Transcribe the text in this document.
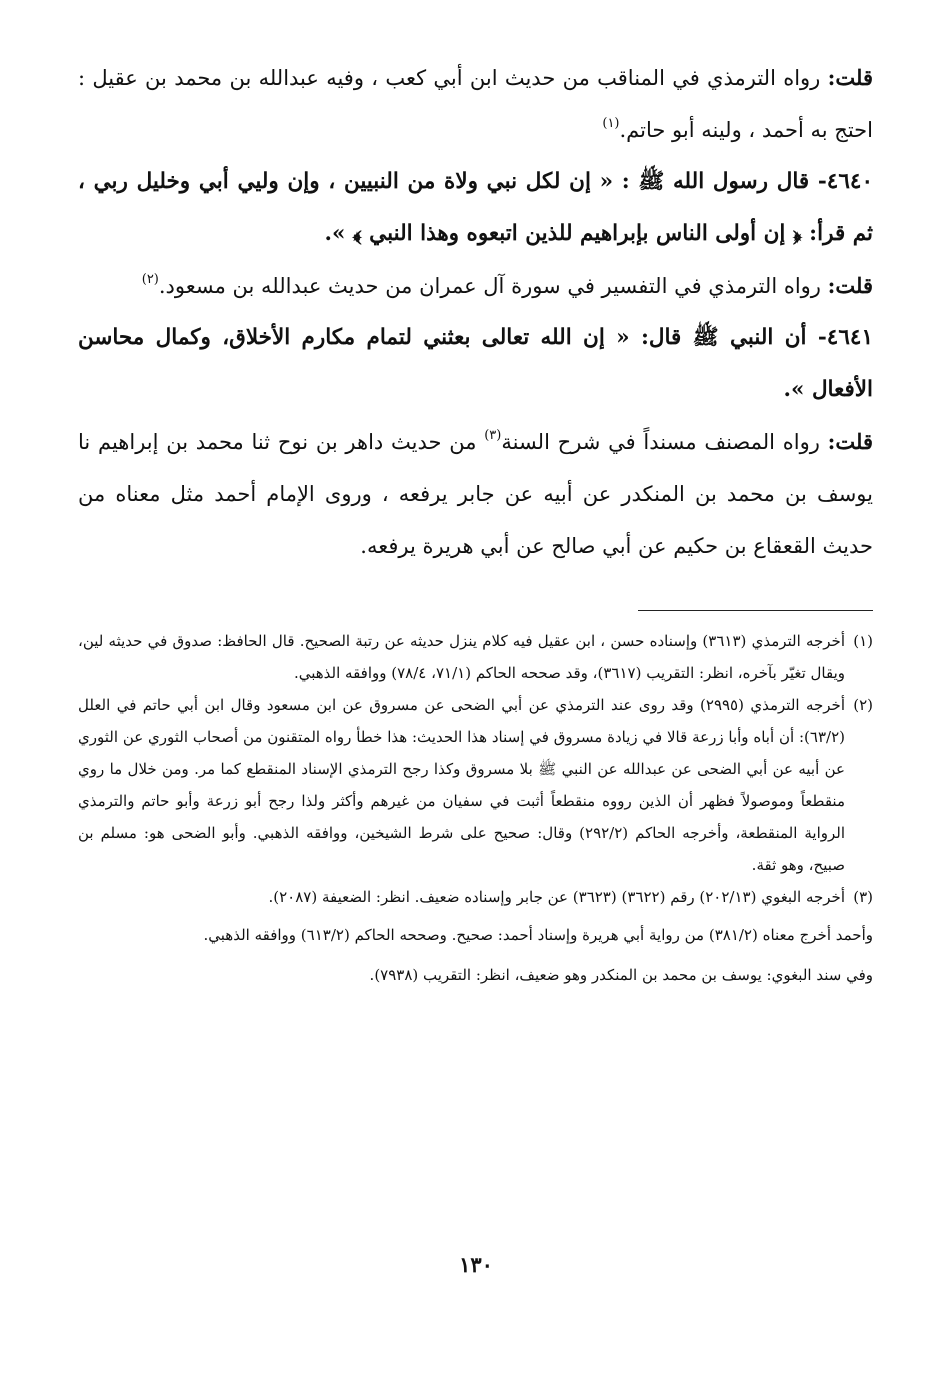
قلت: رواه الترمذي في المناقب من حديث ابن أبي كعب ، وفيه عبدالله بن محمد بن عقيل : احتج به أحمد ، ولينه أبو حاتم.$^{(١)}$

٤٦٤٠- قال رسول الله ﷺ : « إن لكل نبي ولاة من النبيين ، وإن وليي أبي وخليل ربي ، ثم قرأ: ﴿ إن أولى الناس بإبراهيم للذين اتبعوه وهذا النبي ﴾ ».

قلت: رواه الترمذي في التفسير في سورة آل عمران من حديث عبدالله بن مسعود.$^{(٢)}$

٤٦٤١- أن النبي ﷺ قال: « إن الله تعالى بعثني لتمام مكارم الأخلاق، وكمال محاسن الأفعال ».

قلت: رواه المصنف مسنداً في شرح السنة$^{(٣)}$ من حديث داهر بن نوح ثنا محمد بن إبراهيم نا يوسف بن محمد بن المنكدر عن أبيه عن جابر يرفعه ، وروى الإمام أحمد مثل معناه من حديث القعقاع بن حكيم عن أبي صالح عن أبي هريرة يرفعه.

(١)
أخرجه الترمذي (٣٦١٣) وإسناده حسن ، ابن عقيل فيه كلام ينزل حديثه عن رتبة الصحيح. قال الحافظ: صدوق في حديثه لين، ويقال تغيّر بآخره، انظر: التقريب (٣٦١٧)، وقد صححه الحاكم (٧١/١، ٧٨/٤) ووافقه الذهبي.
(٢)
أخرجه الترمذي (٢٩٩٥) وقد روى عند الترمذي عن أبي الضحى عن مسروق عن ابن مسعود وقال ابن أبي حاتم في العلل (٦٣/٢): أن أباه وأبا زرعة قالا في زيادة مسروق في إسناد هذا الحديث: هذا خطأ رواه المتقنون من أصحاب الثوري عن الثوري عن أبيه عن أبي الضحى عن عبدالله عن النبي ﷺ بلا مسروق وكذا رجح الترمذي الإسناد المنقطع كما مر. ومن خلال ما روي منقطعاً وموصولاً فظهر أن الذين رووه منقطعاً أثبت في سفيان من غيرهم وأكثر ولذا رجح أبو زرعة وأبو حاتم والترمذي الرواية المنقطعة، وأخرجه الحاكم (٢٩٢/٢) وقال: صحيح على شرط الشيخين، ووافقه الذهبي. وأبو الضحى هو: مسلم بن صبيح، وهو ثقة.
(٣)
أخرجه البغوي (٢٠٢/١٣) رقم (٣٦٢٢) (٣٦٢٣) عن جابر وإسناده ضعيف. انظر: الضعيفة (٢٠٨٧).

وأحمد أخرج معناه (٣٨١/٢) من رواية أبي هريرة وإسناد أحمد: صحيح. وصححه الحاكم (٦١٣/٢) ووافقه الذهبي.

وفي سند البغوي: يوسف بن محمد بن المنكدر وهو ضعيف، انظر: التقريب (٧٩٣٨).

١٣٠
